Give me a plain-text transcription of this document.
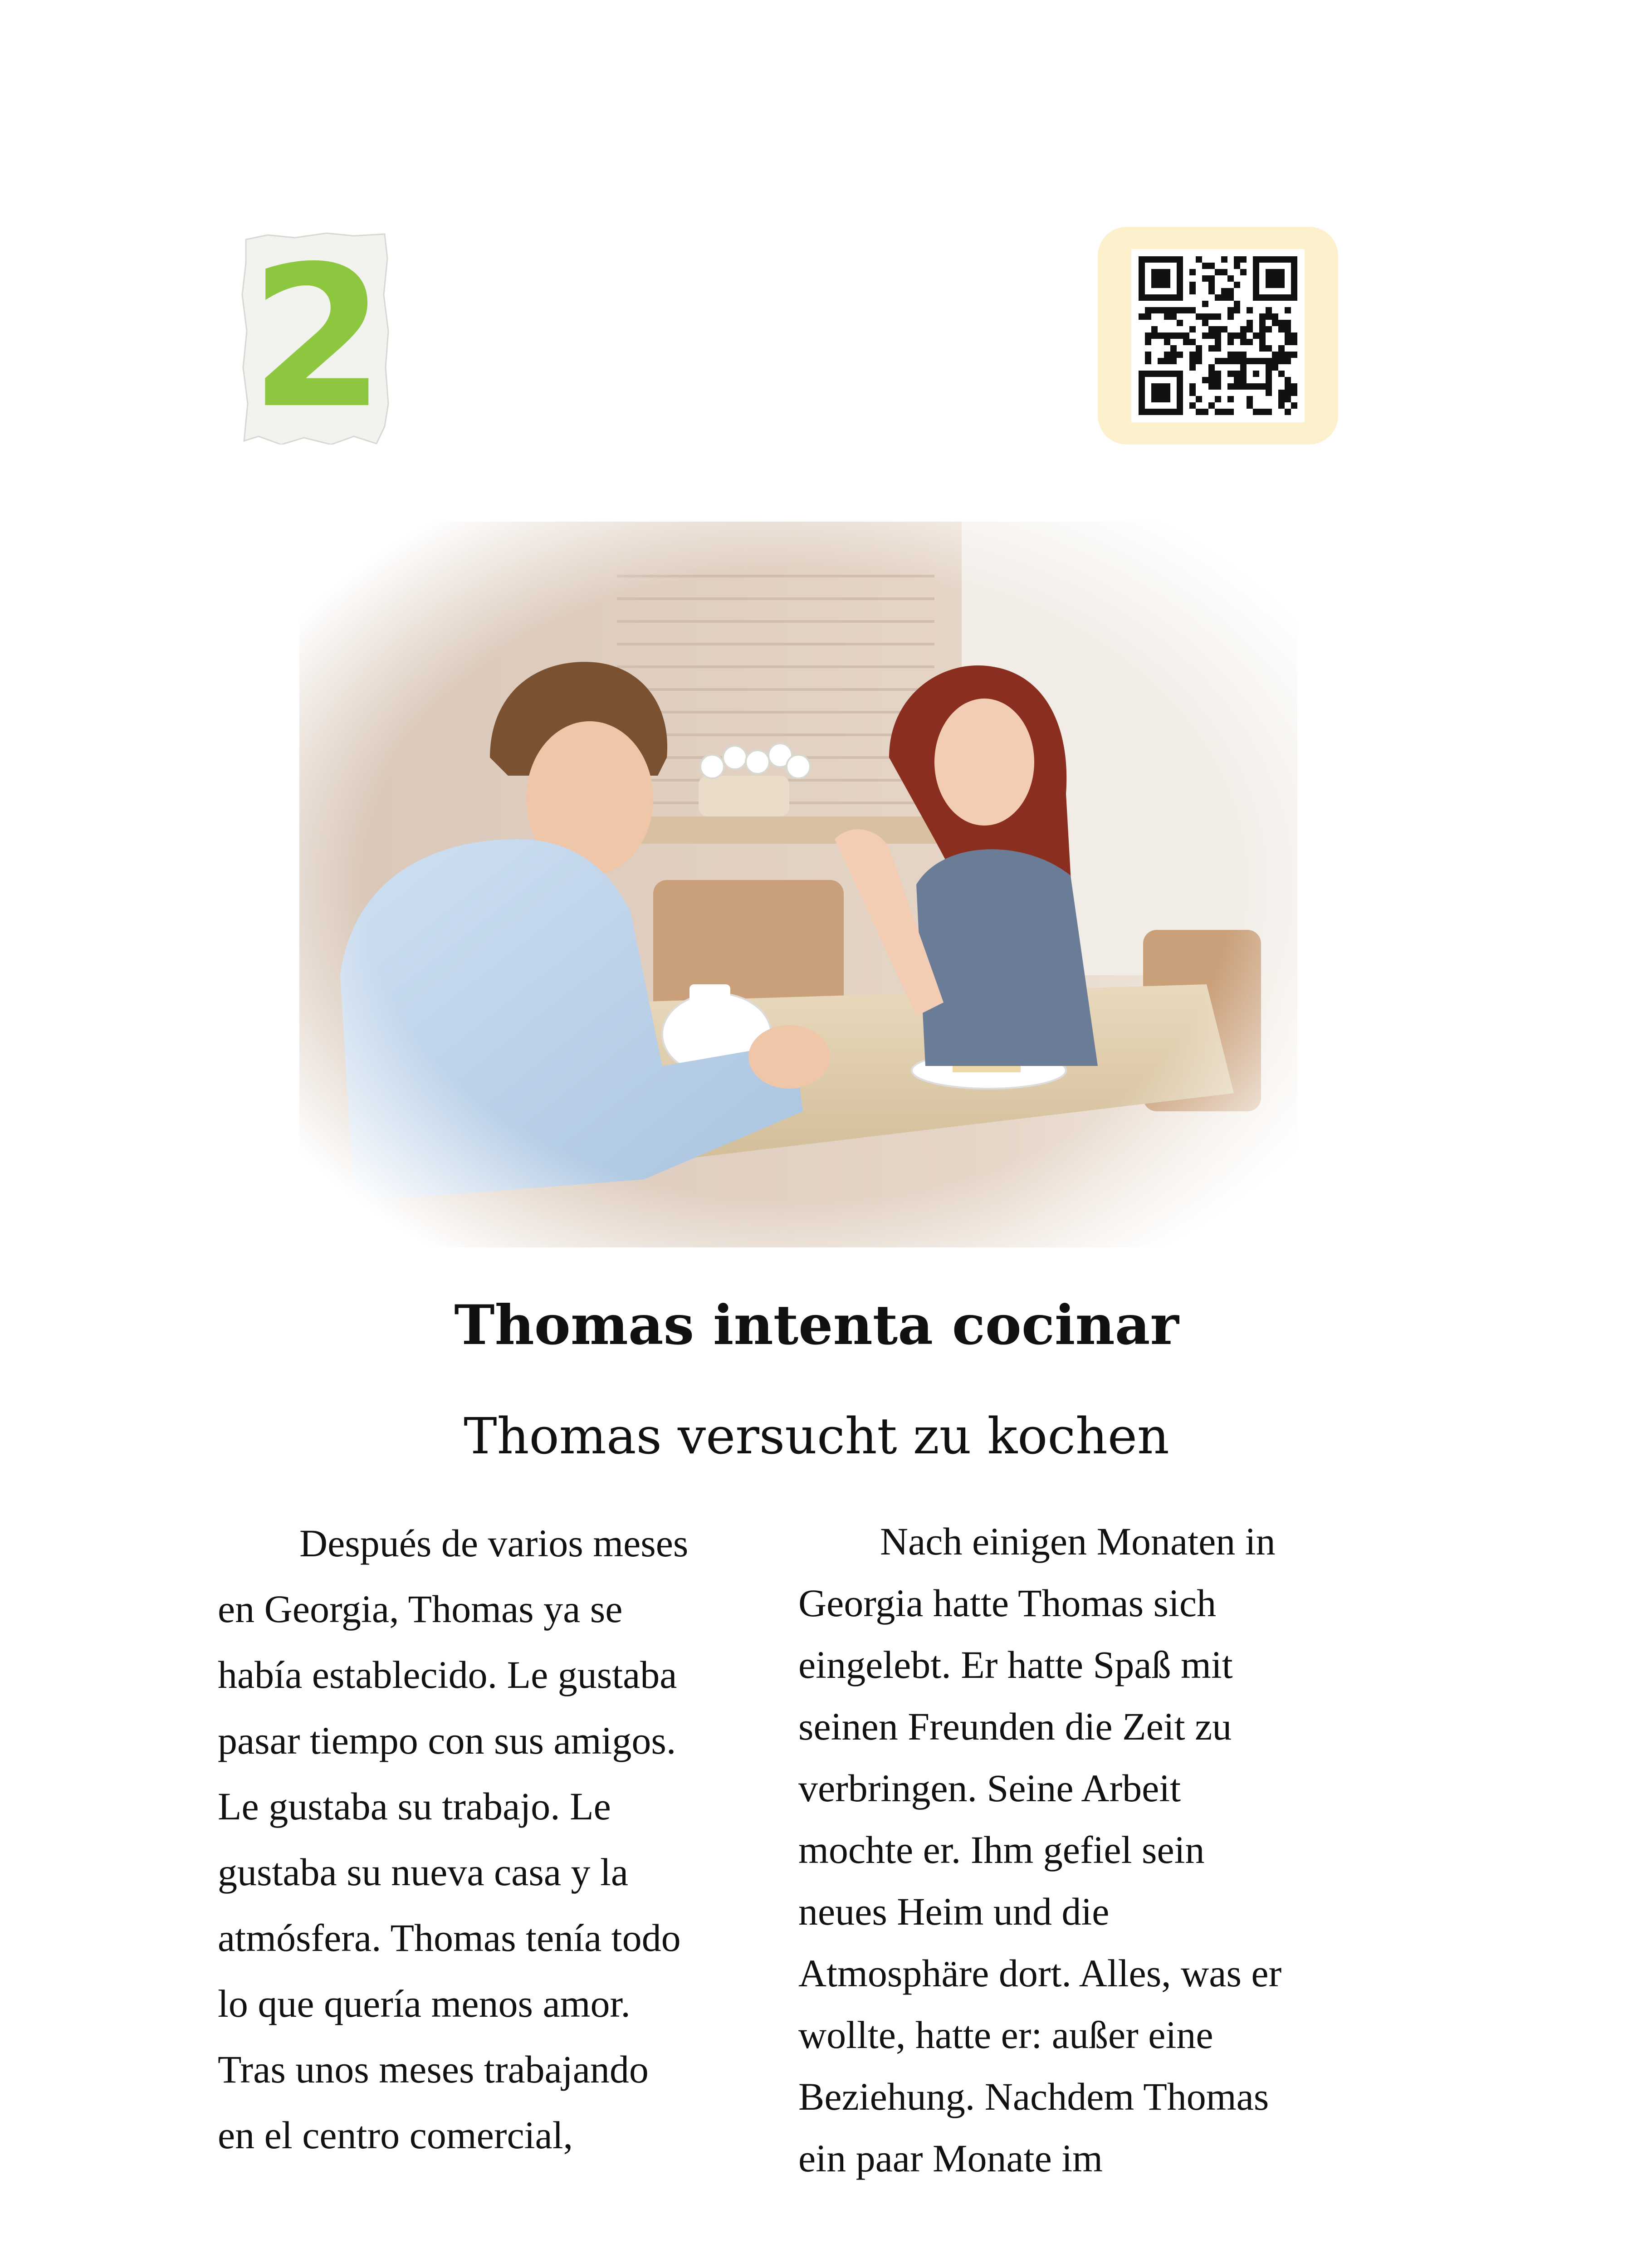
2
Thomas intenta cocinar
Thomas versucht zu kochen
Después de varios meses
en Georgia, Thomas ya se
había establecido. Le gustaba
pasar tiempo con sus amigos.
Le gustaba su trabajo. Le
gustaba su nueva casa y la
atmósfera. Thomas tenía todo
lo que quería menos amor.
Tras unos meses trabajando
en el centro comercial,
Nach einigen Monaten in
Georgia hatte Thomas sich
eingelebt. Er hatte Spaß mit
seinen Freunden die Zeit zu
verbringen. Seine Arbeit
mochte er. Ihm gefiel sein
neues Heim und die
Atmosphäre dort. Alles, was er
wollte, hatte er: außer eine
Beziehung. Nachdem Thomas
ein paar Monate im
